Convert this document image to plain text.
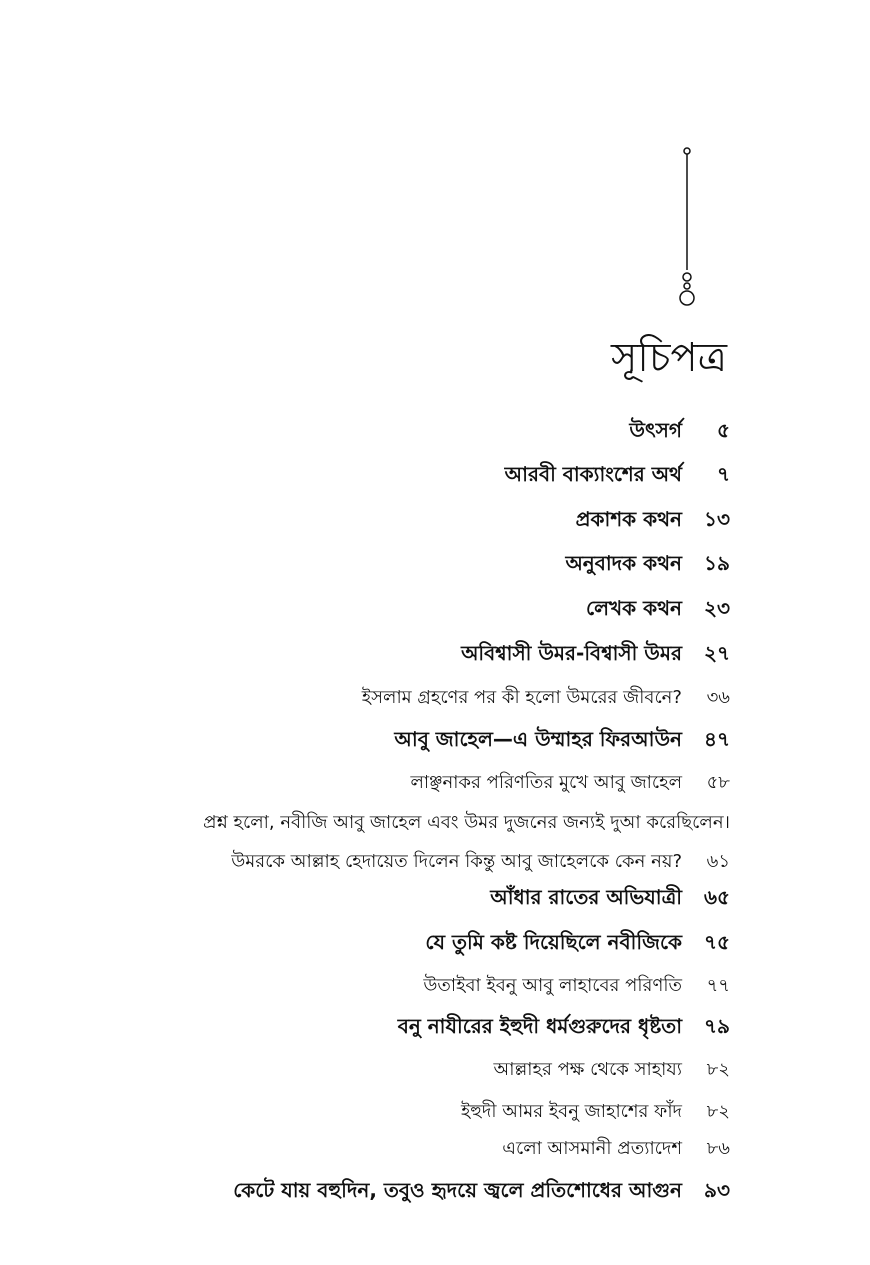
সূচিপত্র
উৎসর্গ	৫
আরবী বাক্যাংশের অর্থ	৭
প্রকাশক কথন	১৩
অনুবাদক কথন	১৯
লেখক কথন	২৩
অবিশ্বাসী উমর-বিশ্বাসী উমর	২৭
ইসলাম গ্রহণের পর কী হলো উমরের জীবনে?	৩৬
আবু জাহেল—এ উম্মাহর ফিরআউন	৪৭
লাঞ্ছনাকর পরিণতির মুখে আবু জাহেল	৫৮
প্রশ্ন হলো, নবীজি আবু জাহেল এবং উমর দুজনের জন্যই দুআ করেছিলেন।
উমরকে আল্লাহ হেদায়েত দিলেন কিন্তু আবু জাহেলকে কেন নয়?	৬১
আঁধার রাতের অভিযাত্রী	৬৫
যে তুমি কষ্ট দিয়েছিলে নবীজিকে	৭৫
উতাইবা ইবনু আবু লাহাবের পরিণতি	৭৭
বনু নাযীরের ইহুদী ধর্মগুরুদের ধৃষ্টতা	৭৯
আল্লাহর পক্ষ থেকে সাহায্য	৮২
ইহুদী আমর ইবনু জাহাশের ফাঁদ	৮২
এলো আসমানী প্রত্যাদেশ	৮৬
কেটে যায় বহুদিন, তবুও হৃদয়ে জ্বলে প্রতিশোধের আগুন	৯৩
